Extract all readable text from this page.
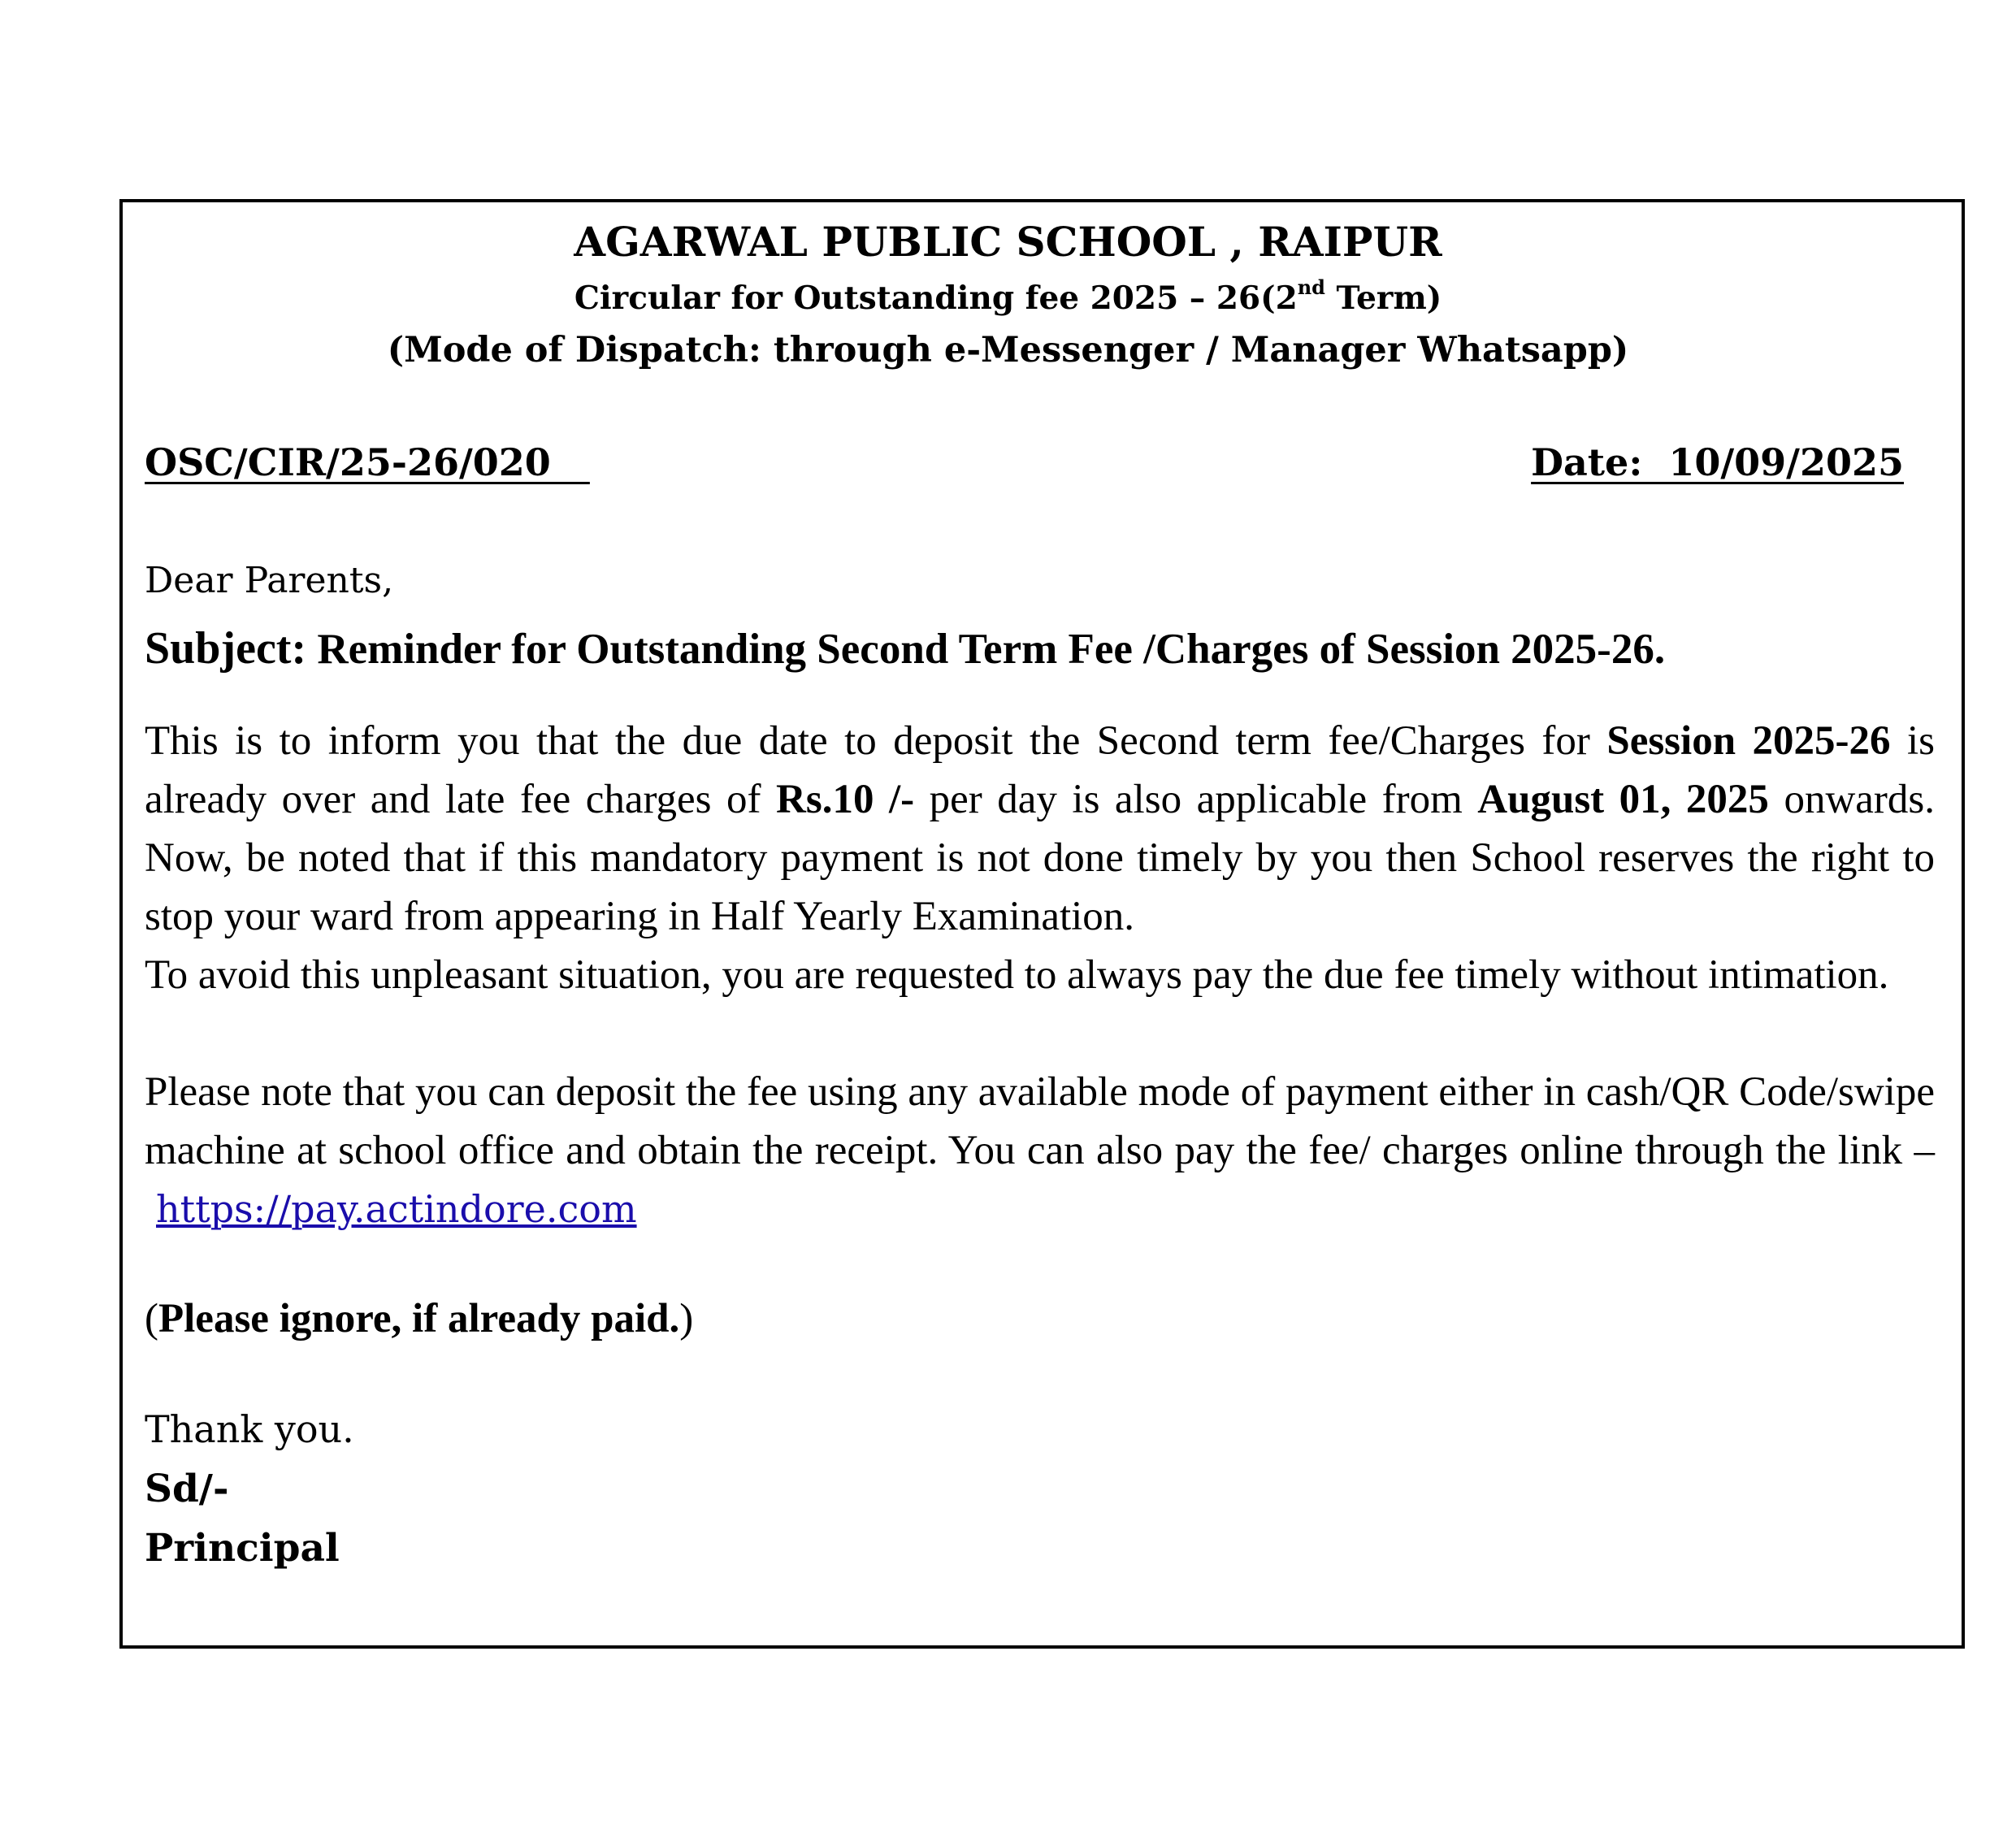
AGARWAL PUBLIC SCHOOL , RAIPUR
Circular for Outstanding fee 2025 – 26(2nd Term)
(Mode of Dispatch: through e-Messenger / Manager Whatsapp)
OSC/CIR/25-26/020	Date:  10/09/2025
Dear Parents,
Subject: Reminder for Outstanding Second Term Fee /Charges of Session 2025-26.
This is to inform you that the due date to deposit the Second term fee/Charges for Session 2025-26 is already over and late fee charges of Rs.10 /- per day is also applicable from August 01, 2025 onwards. Now, be noted that if this mandatory payment is not done timely by you then School reserves the right to stop your ward from appearing in Half Yearly Examination.
To avoid this unpleasant situation, you are requested to always pay the due fee timely without intimation.
Please note that you can deposit the fee using any available mode of payment either in cash/QR Code/swipe machine at school office and obtain the receipt. You can also pay the fee/ charges online through the link –https://pay.actindore.com
(Please ignore, if already paid.)
Thank you.
Sd/-
Principal
